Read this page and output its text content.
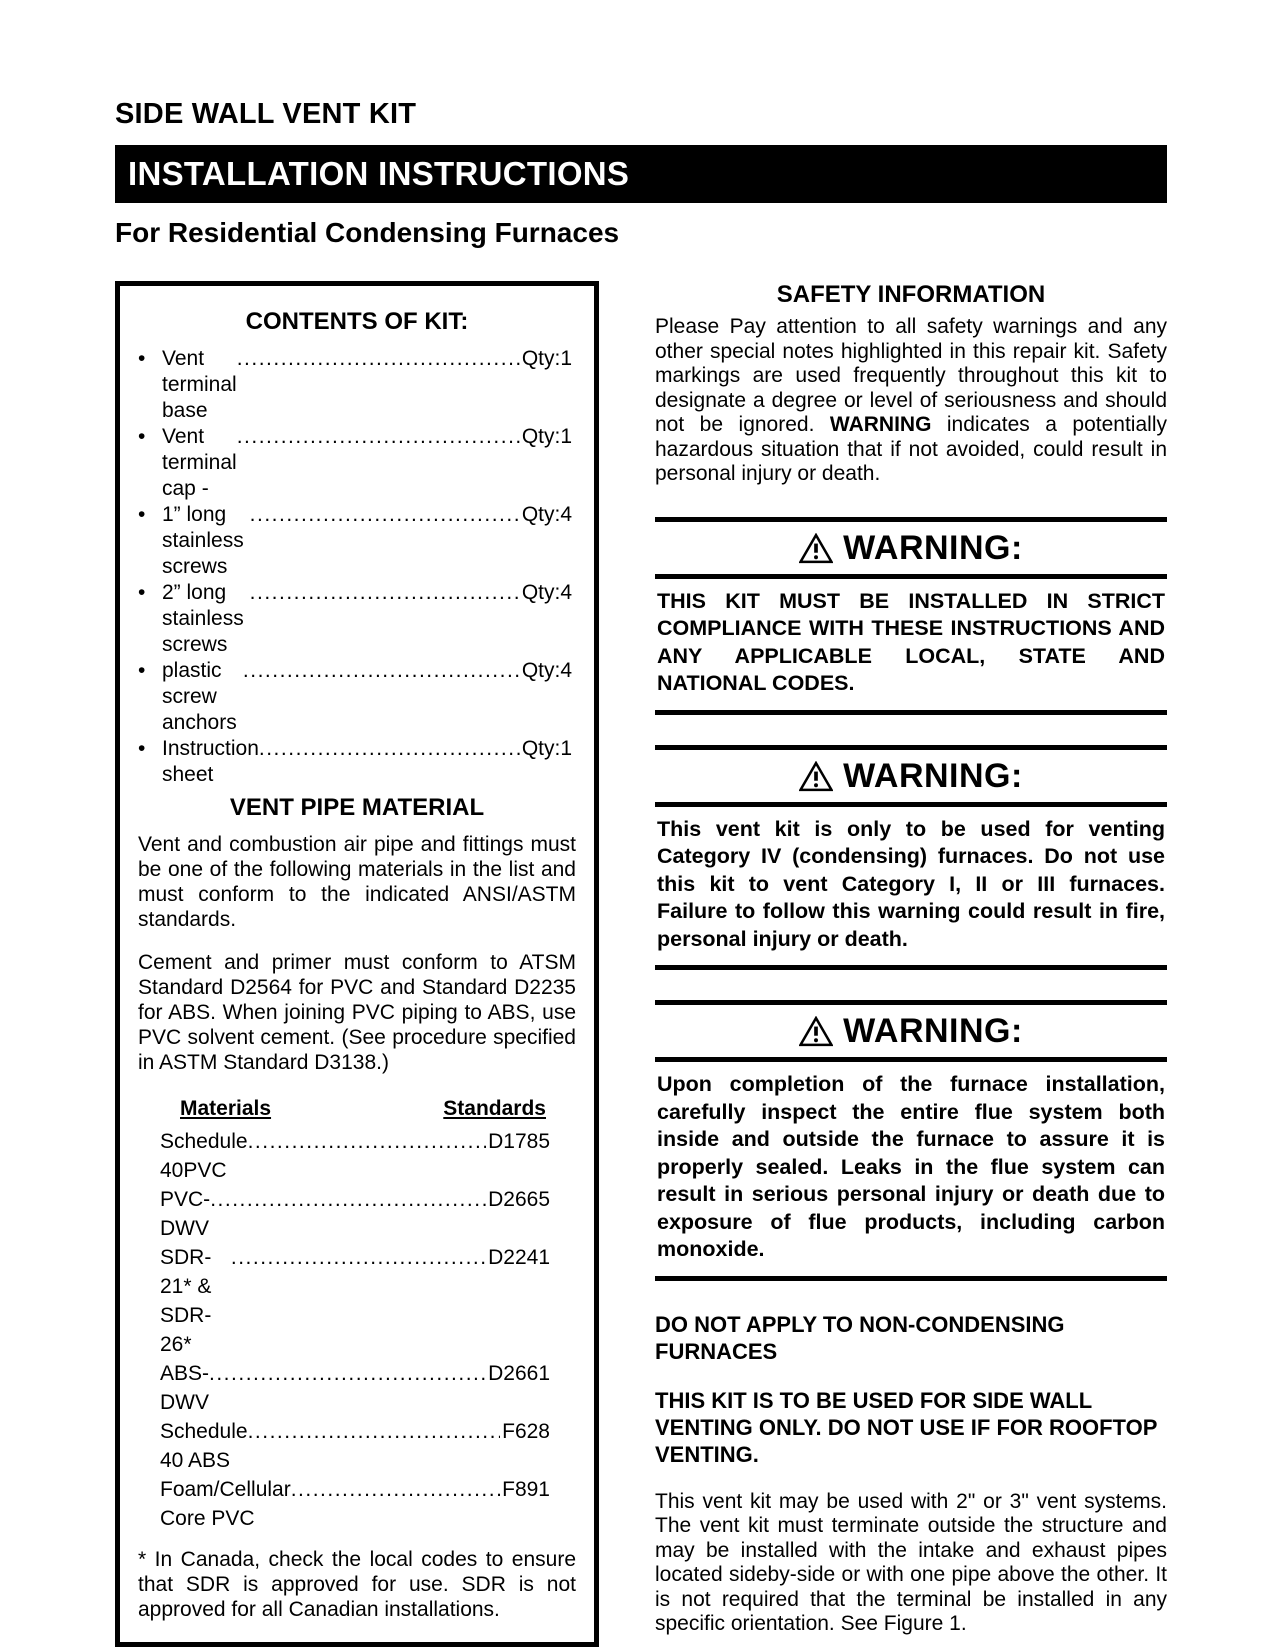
SIDE WALL VENT KIT
INSTALLATION INSTRUCTIONS
For Residential Condensing Furnaces
CONTENTS OF KIT:
• Vent terminal base
.....
Qty:1
• Vent terminal cap -
.....
Qty:1
• 1” long stainless screws
.....
Qty:4
• 2” long stainless screws
.....
Qty:4
• plastic screw anchors
.....
Qty:4
• Instruction sheet
.....
Qty:1
VENT PIPE MATERIAL

Vent and combustion air pipe and fittings must be one of the following materials in the list and must conform to the indicated ANSI/ASTM standards.

Cement and primer must conform to ATSM Standard D2564 for PVC and Standard D2235 for ABS. When joining PVC piping to ABS, use PVC solvent cement. (See procedure specified in ASTM Standard D3138.)

Materials	Standards
Schedule 40PVC
.....
D1785
PVC-DWV
.....
D2665
SDR-21* & SDR-26*
.....
D2241
ABS-DWV
.....
D2661
Schedule 40 ABS
.....
F628
Foam/Cellular Core PVC
.....
F891

* In Canada, check the local codes to ensure that SDR is approved for use. SDR is not approved for all Canadian installations.

SAFETY INFORMATION

Please Pay attention to all safety warnings and any other special notes highlighted in this repair kit. Safety markings are used frequently throughout this kit to designate a degree or level of seriousness and should not be ignored. WARNING indicates a potentially hazardous situation that if not avoided, could result in personal injury or death.

WARNING:
THIS KIT MUST BE INSTALLED IN STRICT COMPLIANCE WITH THESE INSTRUCTIONS AND ANY APPLICABLE LOCAL, STATE AND NATIONAL CODES.
WARNING:
This vent kit is only to be used for venting Category IV (condensing) furnaces. Do not use this kit to vent Category I, II or III furnaces. Failure to follow this warning could result in fire, personal injury or death.
WARNING:
Upon completion of the furnace installation, carefully inspect the entire flue system both inside and outside the furnace to assure it is properly sealed. Leaks in the flue system can result in serious personal injury or death due to exposure of flue products, including carbon monoxide.
DO NOT APPLY TO NON-CONDENSING FURNACES
THIS KIT IS TO BE USED FOR SIDE WALL VENTING ONLY. DO NOT USE IF FOR ROOFTOP VENTING.

This vent kit may be used with 2" or 3" vent systems. The vent kit must terminate outside the structure and may be installed with the intake and exhaust pipes located sideby-side or with one pipe above the other. It is not required that the terminal be installed in any specific orientation. See Figure 1.
